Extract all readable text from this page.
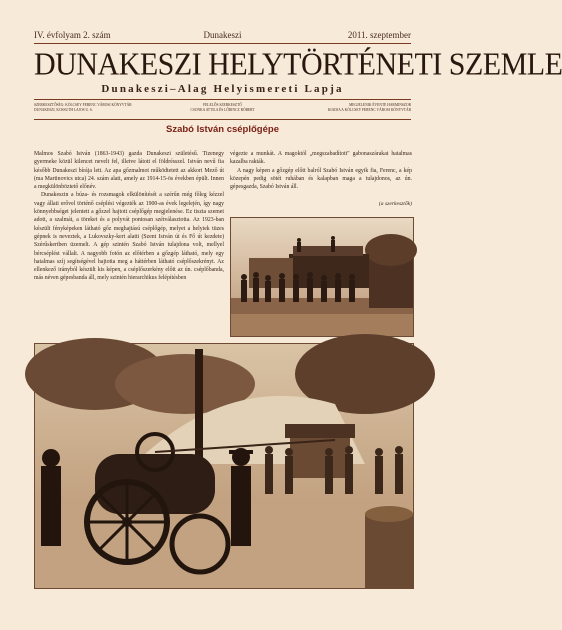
IV. évfolyam 2. szám	Dunakeszi	2011. szeptember
DUNAKESZI HELYTÖRTÉNETI SZEMLE
Dunakeszi–Alag Helyismereti Lapja
SZERKESZTŐSÉG: KÖLCSEY FERENC VÁROSI KÖNYVTÁR
DUNAKESZI, KOSSUTH LAJOS U. 6.
FELELŐS SZERKESZTŐ
CSONKA ATTILA ÉS LŐRINCZ RÓBERT
MEGJELENIK ÉVENTE HARMINSZOR
KIADJA A KÖLCSEY FERENC VÁROSI KÖNYVTÁR
Szabó István cséplőgépe

Malmos Szabó István (1863-1943) gazda Dunakeszi születésű. Tizenegy gyermeke közül kilencet nevelt fel, illetve látott el földrésszel. István nevű fia később Dunakeszi bírája lett. Az apa gőzmalmot működtetett az akkori Mező út (ma Martinovics utca) 24. szám alatt, amely az 1914-15-ös években épült. Innen a megkülönböztető előnév.

Dunakeszin a búza- és rozsmagok elkülönítését a szérűn még főleg kézzel vagy állati erővel történő cséplési végezték az 1900-as évek legelején, így nagy könnyebbséget jelentett a gőzzel hajtott cséplőgép megjelenése. Ez tiszta szemet adott, a szalmát, a töreket és a polyvát pontosan szétválasztotta. Az 1923-ban készült fényképeken látható gőz meghajtású cséplőgép, melyet a helyiek tüzes gépnek is neveztek, a Lukovszky-kert alatti (Szent István út és Fő út kezdete) Szérűskertben üzemelt. A gép szintén Szabó István tulajdona volt, mellyel bércséplést vállalt. A nagyobb fotón az előtérben a gőzgép látható, mely egy hatalmas szíj segítségével hajtotta meg a háttérben látható cséplőszekrényt. Az ellenkező irányból készült kis képen, a cséplőszerkény előtt az ún. cséplőbanda, más néven gépesbanda áll, mely szintén hierarchikus felépítésben

végezte a munkát. A magoktól „megszabadított" gabonaszárakat hatalmas kazalba rakták.

A nagy képen a gőzgép előtt balról Szabó István egyik fia, Ferenc, a kép közepén pedig sötét ruhában és kalapban maga a tulajdonos, az ún. gépesgazda, Szabó István áll.

(a szerkesztők)
